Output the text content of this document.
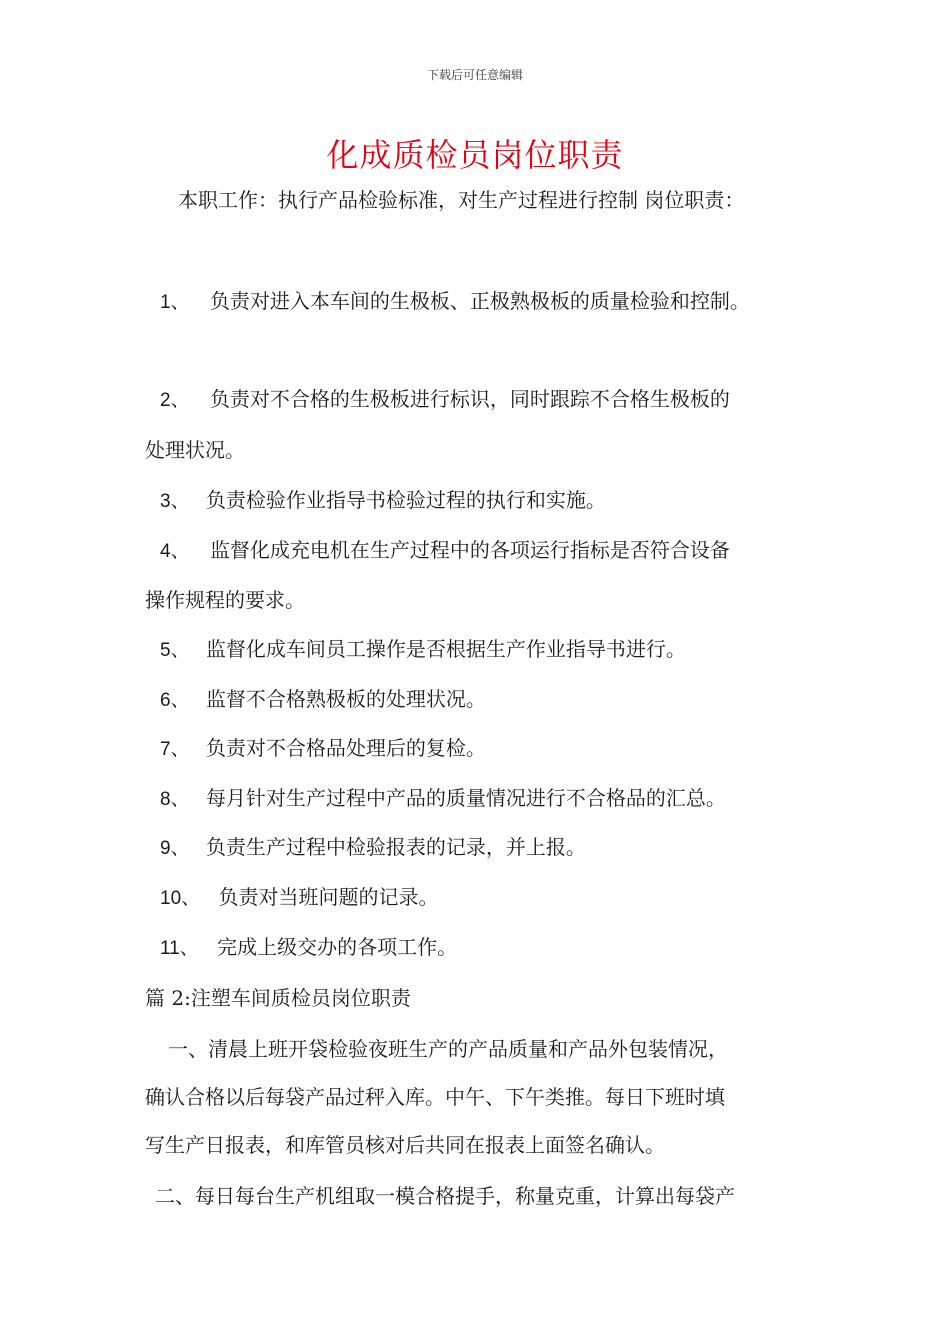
下载后可任意编辑
化成质检员岗位职责
本职工作：执行产品检验标准，对生产过程进行控制 岗位职责：
1、 负责对进入本车间的生极板、正极熟极板的质量检验和控制。
2、 负责对不合格的生极板进行标识，同时跟踪不合格生极板的
处理状况。
3、 负责检验作业指导书检验过程的执行和实施。
4、 监督化成充电机在生产过程中的各项运行指标是否符合设备
操作规程的要求。
5、 监督化成车间员工操作是否根据生产作业指导书进行。
6、 监督不合格熟极板的处理状况。
7、 负责对不合格品处理后的复检。
8、 每月针对生产过程中产品的质量情况进行不合格品的汇总。
9、 负责生产过程中检验报表的记录，并上报。
10、 负责对当班问题的记录。
11、 完成上级交办的各项工作。
篇 2:注塑车间质检员岗位职责
一、清晨上班开袋检验夜班生产的产品质量和产品外包装情况，
确认合格以后每袋产品过秤入库。中午、下午类推。每日下班时填
写生产日报表，和库管员核对后共同在报表上面签名确认。
二、每日每台生产机组取一模合格提手，称量克重，计算出每袋产
